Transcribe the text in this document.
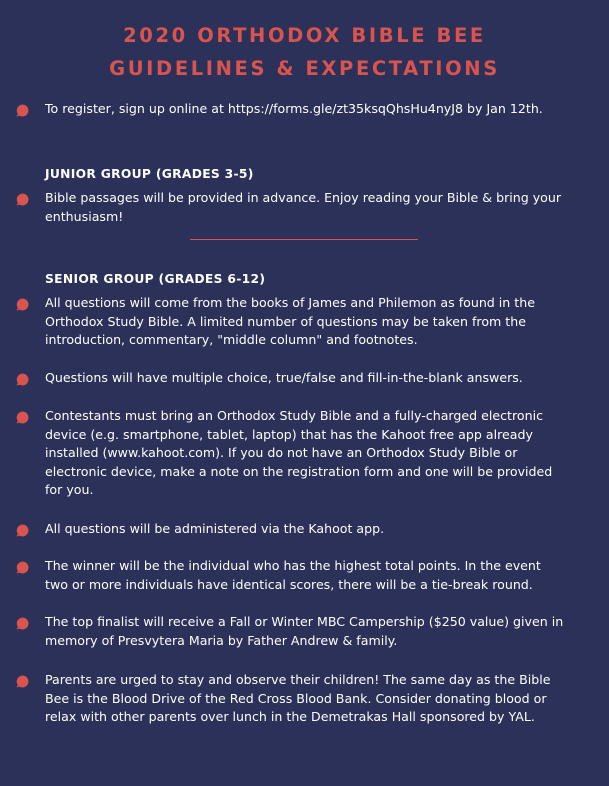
2020 ORTHODOX BIBLE BEE
GUIDELINES & EXPECTATIONS
To register, sign up online at https://forms.gle/zt35ksqQhsHu4nyJ8 by Jan 12th.
JUNIOR GROUP (GRADES 3-5)
Bible passages will be provided in advance. Enjoy reading your Bible & bring your
enthusiasm!
SENIOR GROUP (GRADES 6-12)
All questions will come from the books of James and Philemon as found in the
Orthodox Study Bible. A limited number of questions may be taken from the
introduction, commentary, "middle column" and footnotes.
Questions will have multiple choice, true/false and fill-in-the-blank answers.
Contestants must bring an Orthodox Study Bible and a fully-charged electronic
device (e.g. smartphone, tablet, laptop) that has the Kahoot free app already
installed (www.kahoot.com). If you do not have an Orthodox Study Bible or
electronic device, make a note on the registration form and one will be provided
for you.
All questions will be administered via the Kahoot app.
The winner will be the individual who has the highest total points. In the event
two or more individuals have identical scores, there will be a tie-break round.
The top finalist will receive a Fall or Winter MBC Campership ($250 value) given in
memory of Presvytera Maria by Father Andrew & family.
Parents are urged to stay and observe their children! The same day as the Bible
Bee is the Blood Drive of the Red Cross Blood Bank. Consider donating blood or
relax with other parents over lunch in the Demetrakas Hall sponsored by YAL.
